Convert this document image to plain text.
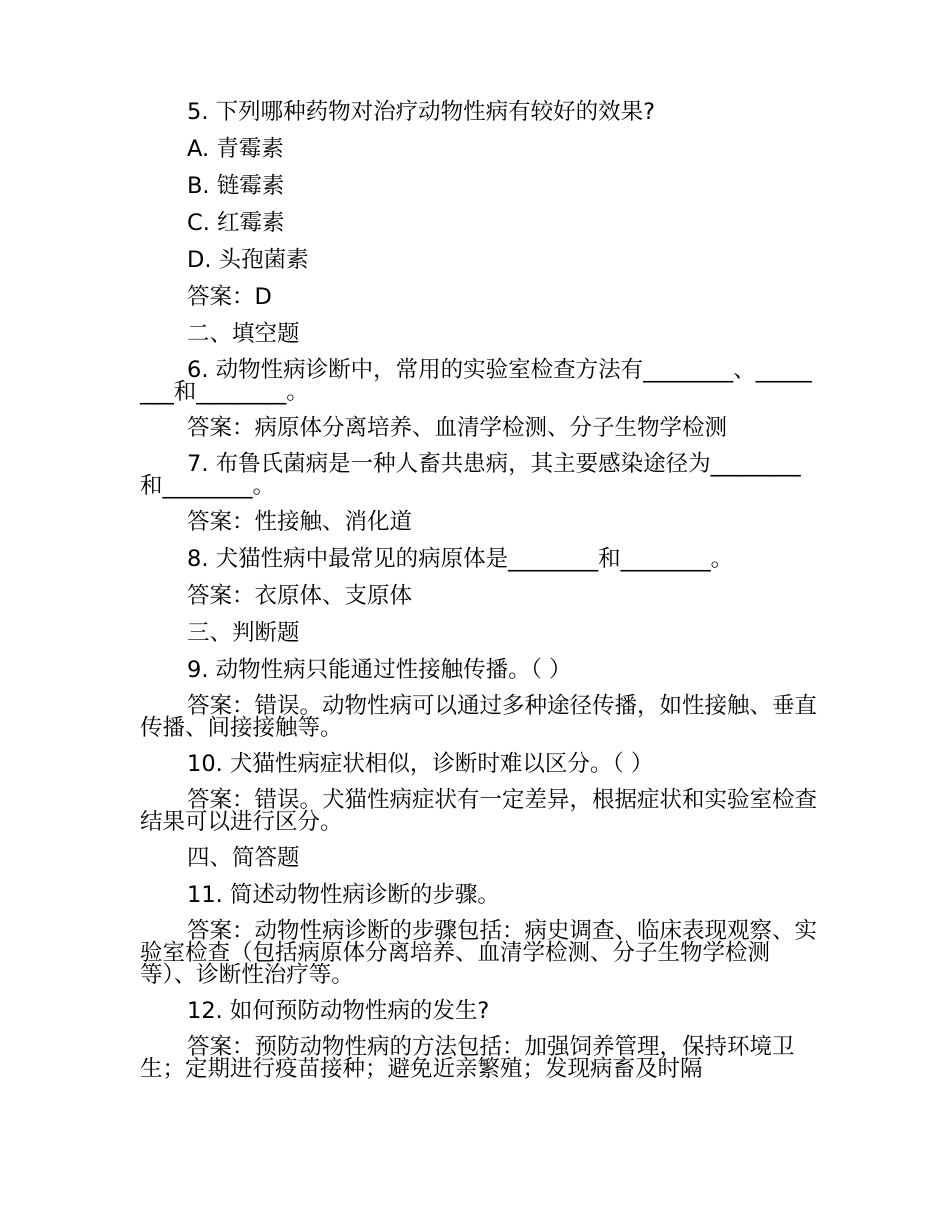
5. 下列哪种药物对治疗动物性病有较好的效果?

A. 青霉素

B. 链霉素

C. 红霉素

D. 头孢菌素

答案：D

二、填空题

6. 动物性病诊断中，常用的实验室检查方法有________、________和________。

答案：病原体分离培养、血清学检测、分子生物学检测

7. 布鲁氏菌病是一种人畜共患病，其主要感染途径为________和________。

答案：性接触、消化道

8. 犬猫性病中最常见的病原体是________和________。

答案：衣原体、支原体

三、判断题

9. 动物性病只能通过性接触传播。（ ）

答案：错误。动物性病可以通过多种途径传播，如性接触、垂直传播、间接接触等。

10. 犬猫性病症状相似，诊断时难以区分。（ ）

答案：错误。犬猫性病症状有一定差异，根据症状和实验室检查结果可以进行区分。

四、简答题

11. 简述动物性病诊断的步骤。

答案：动物性病诊断的步骤包括：病史调查、临床表现观察、实验室检查（包括病原体分离培养、血清学检测、分子生物学检测等）、诊断性治疗等。

12. 如何预防动物性病的发生?

答案：预防动物性病的方法包括：加强饲养管理，保持环境卫生；定期进行疫苗接种；避免近亲繁殖；发现病畜及时隔
